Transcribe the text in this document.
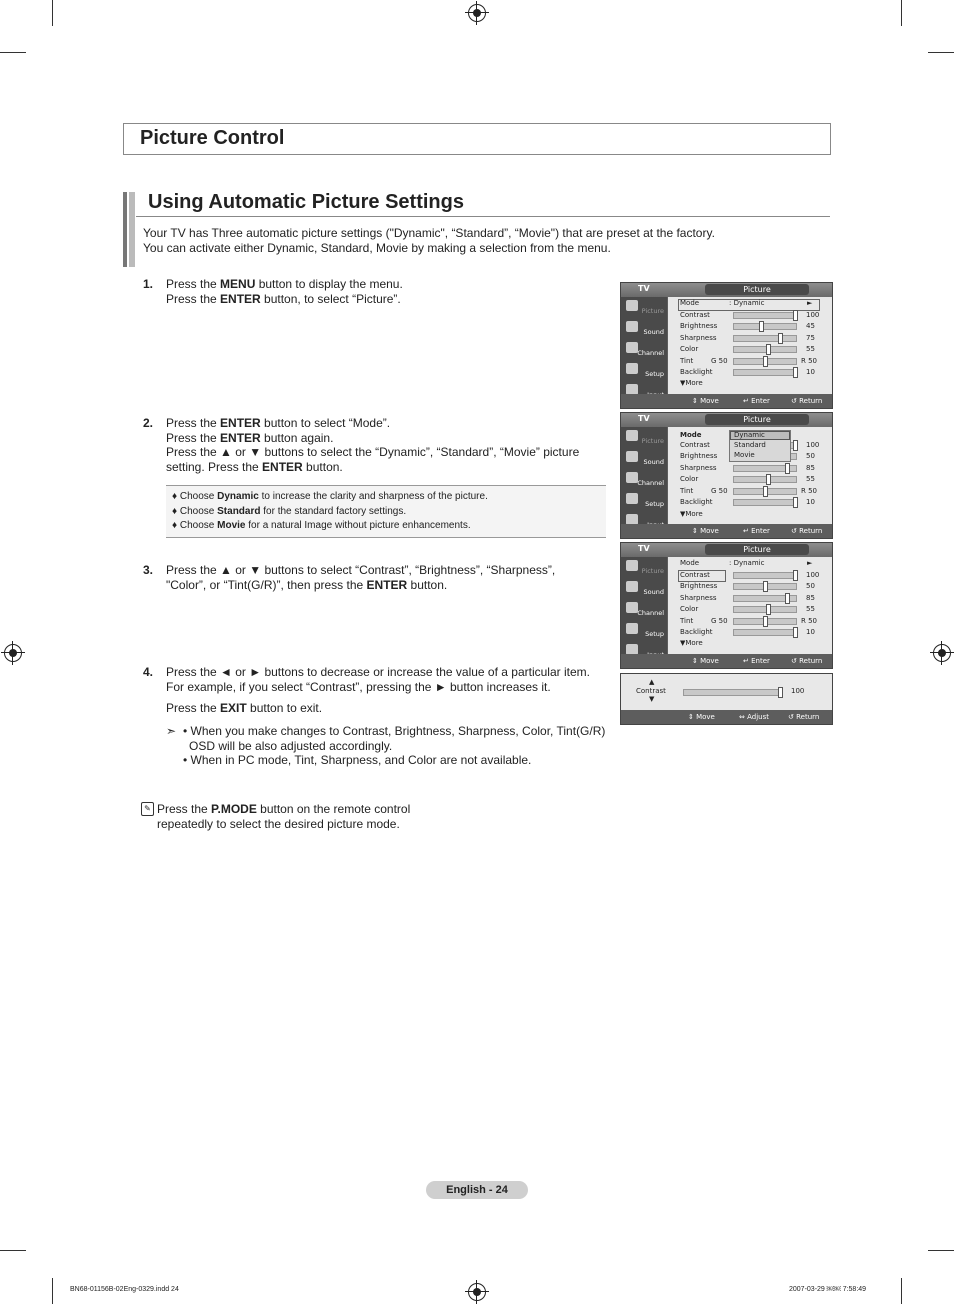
Picture Control
Using Automatic Picture Settings
Your TV has Three automatic picture settings ("Dynamic", “Standard”, “Movie") that are preset at the factory.
You can activate either Dynamic, Standard, Movie by making a selection from the menu.
1. Press the MENU button to display the menu.
Press the ENTER button, to select “Picture”.
2. Press the ENTER button to select “Mode”.
Press the ENTER button again.
Press the ▲ or ▼ buttons to select the “Dynamic”, “Standard”, “Movie” picture
setting. Press the ENTER button.
♦ Choose Dynamic to increase the clarity and sharpness of the picture.
♦ Choose Standard for the standard factory settings.
♦ Choose Movie for a natural Image without picture enhancements.
3. Press the ▲ or ▼ buttons to select “Contrast”, “Brightness”, “Sharpness”,
"Color”, or “Tint(G/R)”, then press the ENTER button.
4. Press the ◄ or ► buttons to decrease or increase the value of a particular item.
For example, if you select “Contrast”, pressing the ► button increases it.
Press the EXIT button to exit.
➣ • When you make changes to Contrast, Brightness, Sharpness, Color, Tint(G/R)
OSD will be also adjusted accordingly.
• When in PC mode, Tint, Sharpness, and Color are not available.
✎ Press the P.MODE button on the remote control
repeatedly to select the desired picture mode.
TV	Picture
Picture
Sound
Channel
Setup
Mode	: Dynamic	►
Contrast	100
Brightness	45
Sharpness	75
Color	55
Tint	G 50	R 50
Backlight	10
▼More
⇕ Move	↵ Enter	↺ Return
TV	Picture
Picture
Sound
Channel
Setup
Mode
Contrast	100
Brightness	50
Sharpness	85
Color	55
Tint	G 50	R 50
Backlight	10
▼More
Dynamic
Standard
Movie
⇕ Move	↵ Enter	↺ Return
TV	Picture
Picture
Sound
Channel
Setup
Mode	: Dynamic	►
Contrast	100
Brightness	50
Sharpness	85
Color	55
Tint	G 50	R 50
Backlight	10
▼More
⇕ Move	↵ Enter	↺ Return
▲
Contrast
▼
100
⇕ Move	⇔ Adjust	↺ Return
English - 24
BN68-01156B-02Eng-0329.indd 24	2007-03-29 ￼￼ 7:58:49
